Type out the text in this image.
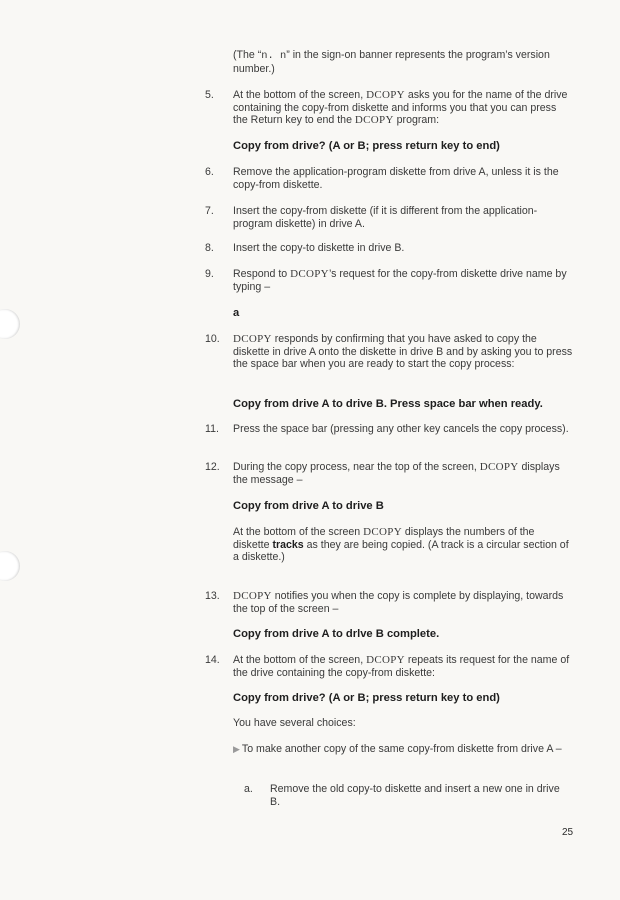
(The “n. n” in the sign-on banner represents the program’s version number.)

5. At the bottom of the screen, DCOPY asks you for the name of the drive containing the copy-from diskette and informs you that you can press the Return key to end the DCOPY program:

Copy from drive? (A or B; press return key to end)

6. Remove the application-program diskette from drive A, unless it is the copy-from diskette.

7. Insert the copy-from diskette (if it is different from the application-program diskette) in drive A.

8. Insert the copy-to diskette in drive B.

9. Respond to DCOPY’s request for the copy-from diskette drive name by typing –

a

10. DCOPY responds by confirming that you have asked to copy the diskette in drive A onto the diskette in drive B and by asking you to press the space bar when you are ready to start the copy process:

Copy from drive A to drive B. Press space bar when ready.

11. Press the space bar (pressing any other key cancels the copy process).

12. During the copy process, near the top of the screen, DCOPY displays the message –

Copy from drive A to drive B

At the bottom of the screen DCOPY displays the numbers of the diskette tracks as they are being copied. (A track is a circular section of a diskette.)

13. DCOPY notifies you when the copy is complete by displaying, towards the top of the screen –

Copy from drive A to drlve B complete.

14. At the bottom of the screen, DCOPY repeats its request for the name of the drive containing the copy-from diskette:

Copy from drive? (A or B; press return key to end)

You have several choices:

▶ To make another copy of the same copy-from diskette from drive A –

a. Remove the old copy-to diskette and insert a new one in drive B.

25
